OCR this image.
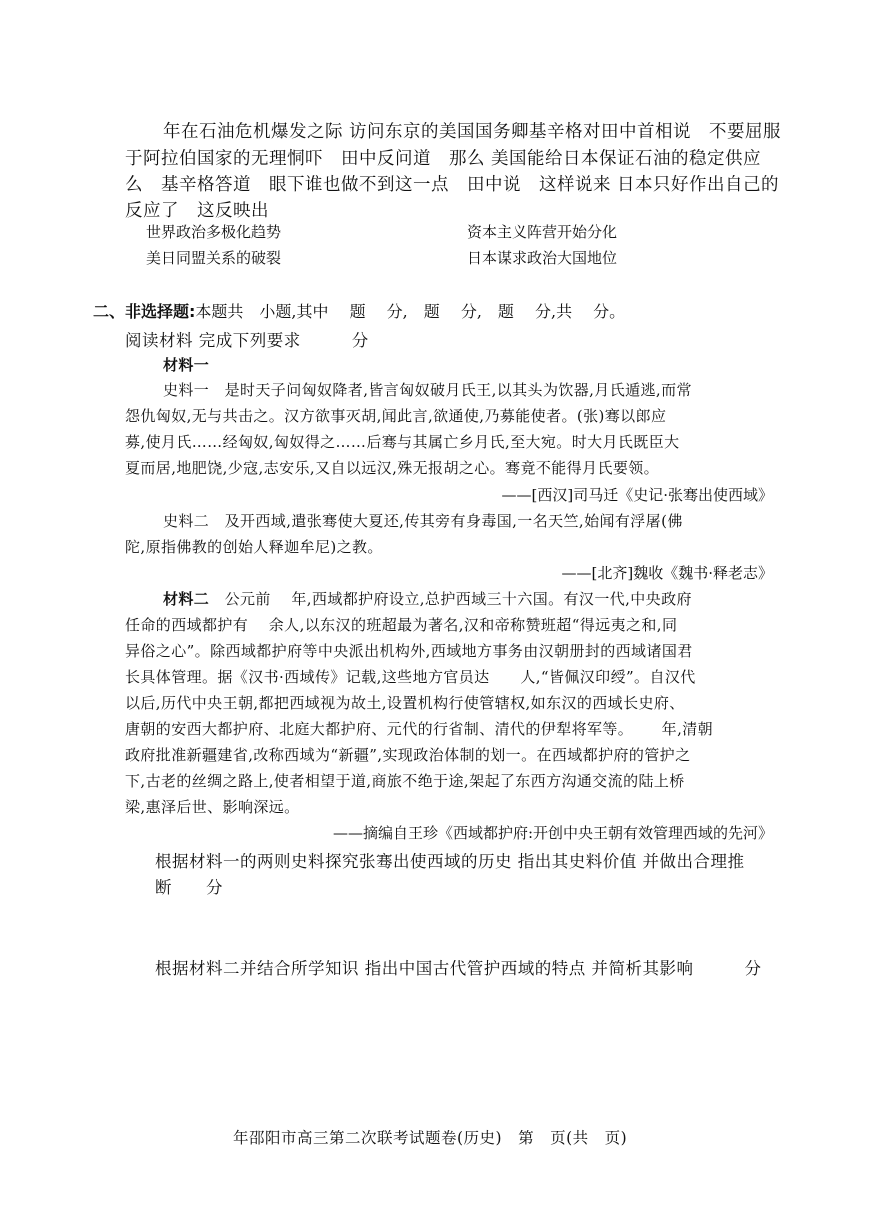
年在石油危机爆发之际 访问东京的美国国务卿基辛格对田中首相说　不要屈服
于阿拉伯国家的无理恫吓　田中反问道　那么 美国能给日本保证石油的稳定供应
么　基辛格答道　眼下谁也做不到这一点　田中说　这样说来 日本只好作出自己的
反应了　这反映出
世界政治多极化趋势	资本主义阵营开始分化
美日同盟关系的破裂	日本谋求政治大国地位
二、非选择题:本题共　小题,其中　 题　 分,　题　 分,　题　 分,共　 分。
阅读材料 完成下列要求　　　分
材料一
史料一　是时天子问匈奴降者,皆言匈奴破月氏王,以其头为饮器,月氏遁逃,而常
怨仇匈奴,无与共击之。汉方欲事灭胡,闻此言,欲通使,乃募能使者。(张)骞以郎应
募,使月氏……经匈奴,匈奴得之……后骞与其属亡乡月氏,至大宛。时大月氏既臣大
夏而居,地肥饶,少寇,志安乐,又自以远汉,殊无报胡之心。骞竟不能得月氏要领。
——[西汉]司马迁《史记·张骞出使西域》
史料二　及开西域,遣张骞使大夏还,传其旁有身毒国,一名天竺,始闻有浮屠(佛
陀,原指佛教的创始人释迦牟尼)之教。
——[北齐]魏收《魏书·释老志》
材料二　 公元前　 年,西域都护府设立,总护西域三十六国。有汉一代,中央政府
任命的西域都护有　 余人,以东汉的班超最为著名,汉和帝称赞班超“得远夷之和,同
异俗之心”。除西域都护府等中央派出机构外,西域地方事务由汉朝册封的西域诸国君
长具体管理。据《汉书·西域传》记载,这些地方官员达　　人,“皆佩汉印绶”。自汉代
以后,历代中央王朝,都把西域视为故土,设置机构行使管辖权,如东汉的西域长史府、
唐朝的安西大都护府、北庭大都护府、元代的行省制、清代的伊犁将军等。　　 年,清朝
政府批准新疆建省,改称西域为“新疆”,实现政治体制的划一。在西域都护府的管护之
下,古老的丝绸之路上,使者相望于道,商旅不绝于途,架起了东西方沟通交流的陆上桥
梁,惠泽后世、影响深远。
——摘编自王珍《西域都护府:开创中央王朝有效管理西域的先河》
根据材料一的两则史料探究张骞出使西域的历史 指出其史料价值 并做出合理推
断　　分
根据材料二并结合所学知识 指出中国古代管护西域的特点 并简析其影响　　　分
年邵阳市高三第二次联考试题卷(历史)　第　页(共　页)
